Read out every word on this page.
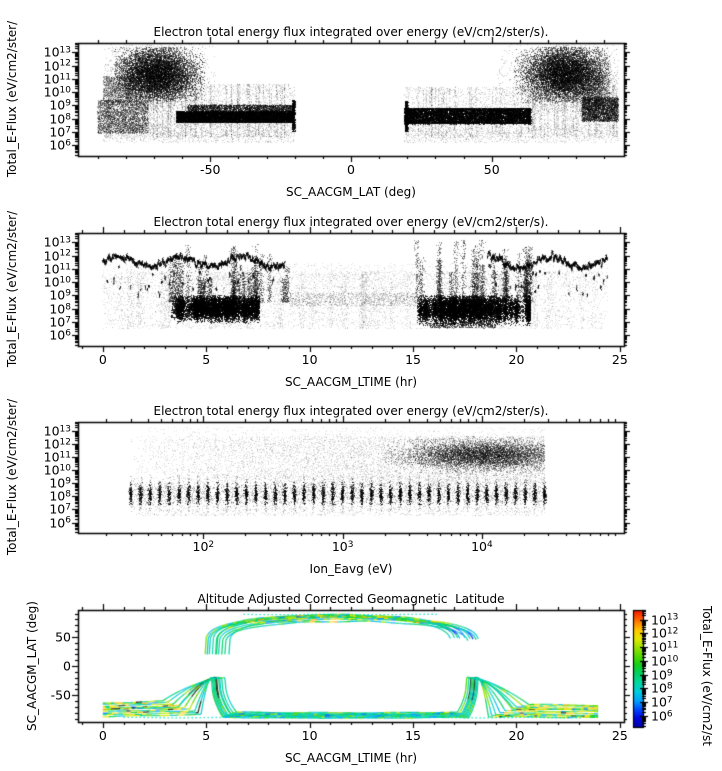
Electron total energy flux integrated over energy (eV/cm2/ster/s).
Electron total energy flux integrated over energy (eV/cm2/ster/s).
Electron total energy flux integrated over energy (eV/cm2/ster/s).
Altitude Adjusted Corrected Geomagnetic  Latitude
SC_AACGM_LAT (deg)
SC_AACGM_LTIME (hr)
Ion_Eavg (eV)
SC_AACGM_LTIME (hr)
Total_E-Flux (eV/cm2/ster/
Total_E-Flux (eV/cm2/ster/
Total_E-Flux (eV/cm2/ster/
SC_AACGM_LAT (deg)	Total_E-Flux (eV/cm2/st
-50	0	50
$10^6$
$10^7$
$10^8$
$10^9$
$10^{10}$
$10^{11}$
$10^{12}$
$10^{13}$
0	5	10	15	20	25
$10^6$
$10^7$
$10^8$
$10^9$
$10^{10}$
$10^{11}$
$10^{12}$
$10^{13}$
$10^2$	$10^3$	$10^4$
$10^6$
$10^7$
$10^8$
$10^9$
$10^{10}$
$10^{11}$
$10^{12}$
$10^{13}$
0	5	10	15	20	25
-50
0
50
$10^6$
$10^7$
$10^8$
$10^9$
$10^{10}$
$10^{11}$
$10^{12}$
$10^{13}$
